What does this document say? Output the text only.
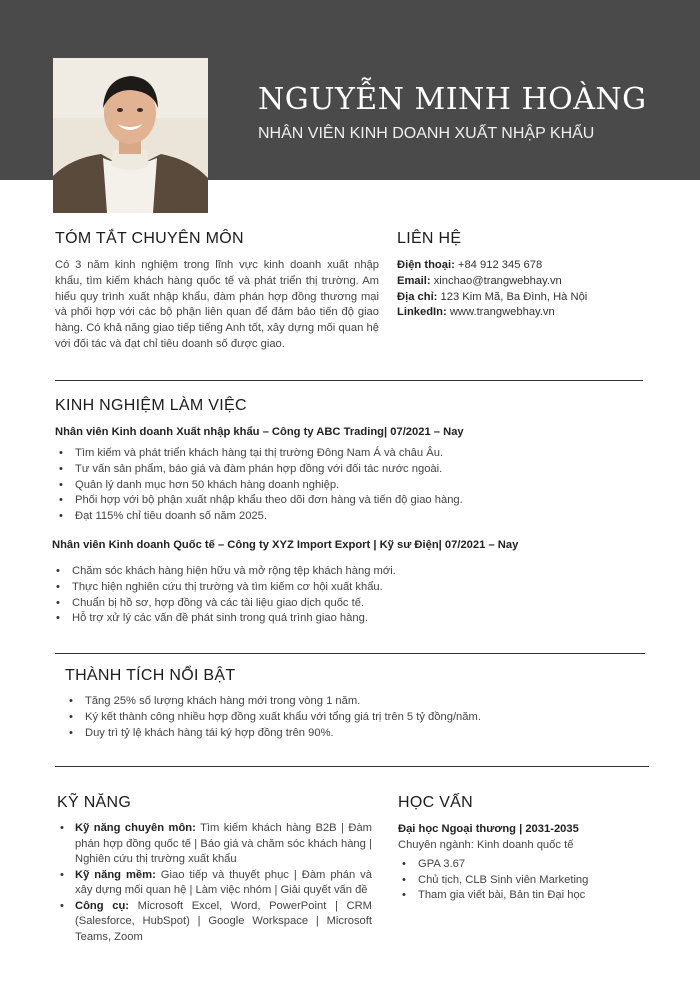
NGUYỄN MINH HOÀNG
NHÂN VIÊN KINH DOANH XUẤT NHẬP KHẨU
TÓM TẮT CHUYÊN MÔN

Có 3 năm kinh nghiệm trong lĩnh vực kinh doanh xuất nhập khẩu, tìm kiếm khách hàng quốc tế và phát triển thị trường. Am hiểu quy trình xuất nhập khẩu, đàm phán hợp đồng thương mại và phối hợp với các bộ phận liên quan để đảm bảo tiến độ giao hàng. Có khả năng giao tiếp tiếng Anh tốt, xây dựng mối quan hệ với đối tác và đạt chỉ tiêu doanh số được giao.

LIÊN HỆ
Điện thoại: +84 912 345 678
Email: xinchao@trangwebhay.vn
Địa chỉ: 123 Kim Mã, Ba Đình, Hà Nội
LinkedIn: www.trangwebhay.vn
KINH NGHIỆM LÀM VIỆC

Nhân viên Kinh doanh Xuất nhập khẩu – Công ty ABC Trading| 07/2021 – Nay

• Tìm kiếm và phát triển khách hàng tại thị trường Đông Nam Á và châu Âu.
• Tư vấn sản phẩm, báo giá và đàm phán hợp đồng với đối tác nước ngoài.
• Quản lý danh mục hơn 50 khách hàng doanh nghiệp.
• Phối hợp với bộ phận xuất nhập khẩu theo dõi đơn hàng và tiến độ giao hàng.
• Đạt 115% chỉ tiêu doanh số năm 2025.

Nhân viên Kinh doanh Quốc tế – Công ty XYZ Import Export | Kỹ sư Điện| 07/2021 – Nay

• Chăm sóc khách hàng hiện hữu và mở rộng tệp khách hàng mới.
• Thực hiện nghiên cứu thị trường và tìm kiếm cơ hội xuất khẩu.
• Chuẩn bị hồ sơ, hợp đồng và các tài liệu giao dịch quốc tế.
• Hỗ trợ xử lý các vấn đề phát sinh trong quá trình giao hàng.
THÀNH TÍCH NỔI BẬT
• Tăng 25% số lượng khách hàng mới trong vòng 1 năm.
• Ký kết thành công nhiều hợp đồng xuất khẩu với tổng giá trị trên 5 tỷ đồng/năm.
• Duy trì tỷ lệ khách hàng tái ký hợp đồng trên 90%.
KỸ NĂNG
• Kỹ năng chuyên môn: Tìm kiếm khách hàng B2B | Đàm phán hợp đồng quốc tế | Báo giá và chăm sóc khách hàng | Nghiên cứu thị trường xuất khẩu
• Kỹ năng mềm: Giao tiếp và thuyết phục | Đàm phán và xây dựng mối quan hệ | Làm việc nhóm | Giải quyết vấn đề
• Công cụ: Microsoft Excel, Word, PowerPoint | CRM (Salesforce, HubSpot) | Google Workspace | Microsoft Teams, Zoom
HỌC VẤN

Đại học Ngoại thương | 2031-2035

Chuyên ngành: Kinh doanh quốc tế

• GPA 3.67
• Chủ tịch, CLB Sinh viên Marketing
• Tham gia viết bài, Bản tin Đại học
